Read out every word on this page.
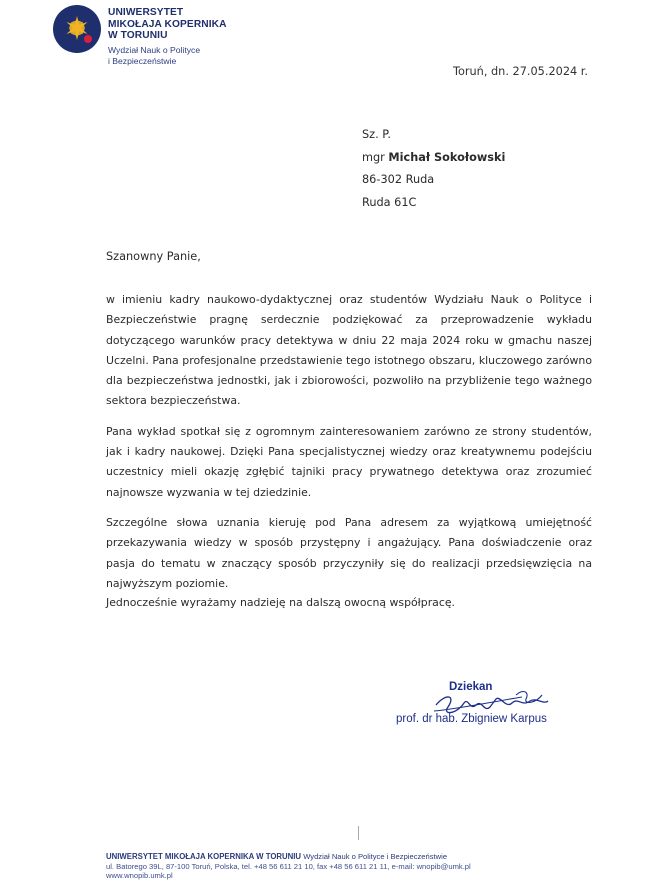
UNIWERSYTET
MIKOŁAJA KOPERNIKA
W TORUNIU
Wydział Nauk o Polityce
i Bezpieczeństwie
Toruń, dn. 27.05.2024 r.
Sz. P.
mgr Michał Sokołowski
86-302 Ruda
Ruda 61C
Szanowny Panie,

w imieniu kadry naukowo-dydaktycznej oraz studentów Wydziału Nauk o Polityce i Bezpieczeństwie pragnę serdecznie podziękować za przeprowadzenie wykładu dotyczącego warunków pracy detektywa w dniu 22 maja 2024 roku w gmachu naszej Uczelni. Pana profesjonalne przedstawienie tego istotnego obszaru, kluczowego zarówno dla bezpieczeństwa jednostki, jak i zbiorowości, pozwoliło na przybliżenie tego ważnego sektora bezpieczeństwa.

Pana wykład spotkał się z ogromnym zainteresowaniem zarówno ze strony studentów, jak i kadry naukowej. Dzięki Pana specjalistycznej wiedzy oraz kreatywnemu podejściu uczestnicy mieli okazję zgłębić tajniki pracy prywatnego detektywa oraz zrozumieć najnowsze wyzwania w tej dziedzinie.

Szczególne słowa uznania kieruję pod Pana adresem za wyjątkową umiejętność przekazywania wiedzy w sposób przystępny i angażujący. Pana doświadczenie oraz pasja do tematu w znaczący sposób przyczyniły się do realizacji przedsięwzięcia na najwyższym poziomie.

Jednocześnie wyrażamy nadzieję na dalszą owocną współpracę.
Dziekan
prof. dr hab. Zbigniew Karpus
UNIWERSYTET MIKOŁAJA KOPERNIKA W TORUNIU Wydział Nauk o Polityce i Bezpieczeństwie
ul. Batorego 39L, 87-100 Toruń, Polska, tel. +48 56 611 21 10, fax +48 56 611 21 11, e-mail: wnopib@umk.pl
www.wnopib.umk.pl
